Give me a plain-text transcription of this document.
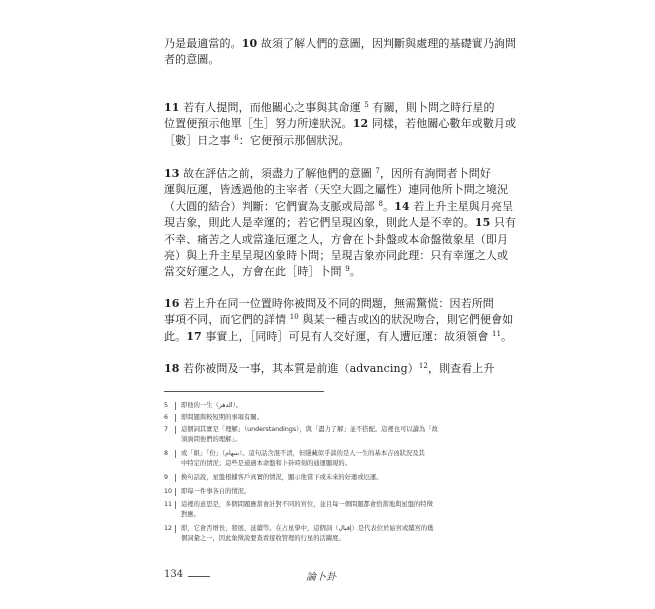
乃是最適當的。10 故須了解人們的意圖，因判斷與處理的基礎實乃詢問
者的意圖。
11 若有人提問，而他關心之事與其命運 $^5$ 有關，則卜問之時行星的
位置便預示他單［生］努力所達狀況。12 同樣，若他關心數年或數月或
［數］日之事 $^6$：它便預示那個狀況。
13 故在評估之前，須盡力了解他們的意圖 $^7$，因所有詢問者卜問好
運與厄運，皆透過他的主宰者（天空大圓之屬性）連同他所卜問之境況
（大圓的結合）判斷：它們實為支脈或局部 $^8$。14 若上升主星與月亮呈
現吉象，則此人是幸運的；若它們呈現凶象，則此人是不幸的。15 只有
不幸、痛苦之人或當逢厄運之人，方會在卜卦盤或本命盤徵象星（即月
亮）與上升主星呈現凶象時卜問；呈現吉象亦同此理：只有幸運之人或
當交好運之人，方會在此［時］卜問 $^9$。
16 若上升在同一位置時你被問及不同的問題，無需驚慌：因若所問
事項不同，而它們的詳情 $^{10}$ 與某一種吉或凶的狀況吻合，則它們便會如
此。17 事實上，［同時］可見有人交好運，有人遭厄運：故須領會 $^{11}$。
18 若你被問及一事，其本質是前進（advancing）$^{12}$，則查看上升
5	即他的一生（الدهر）。
6	即問題與較短期的事項有關。
7	這個詞其實是「理解」（understandings），與「盡力了解」並不搭配。這裡也可以讀為「故
須詢問他們的理解」。
8	或「組」「份」（سهام）。這句話含混不清，但隱藏似乎談的是人一生的基本吉凶狀況及其
中特定的情況；這些是通過本命盤和卜卦時刻的通運顯現的。
9	換句話說，星盤根據客戶真實的情況，顯示他當下或未來的好運或厄運。
10	即每一件事各自的情況。
11	這裡的意思是，多個問題應當會計對不同的宮位，並且每一個問題都會恰當地與星盤的特徵
對應。
12	即，它會否增長、發展、延續等。在占星學中，這個詞（إقبال）是代表位於始宮或續宮的幾
個詞彙之一，因此象徵說要查看接收管理的行星的活躍度。
134	論卜卦
